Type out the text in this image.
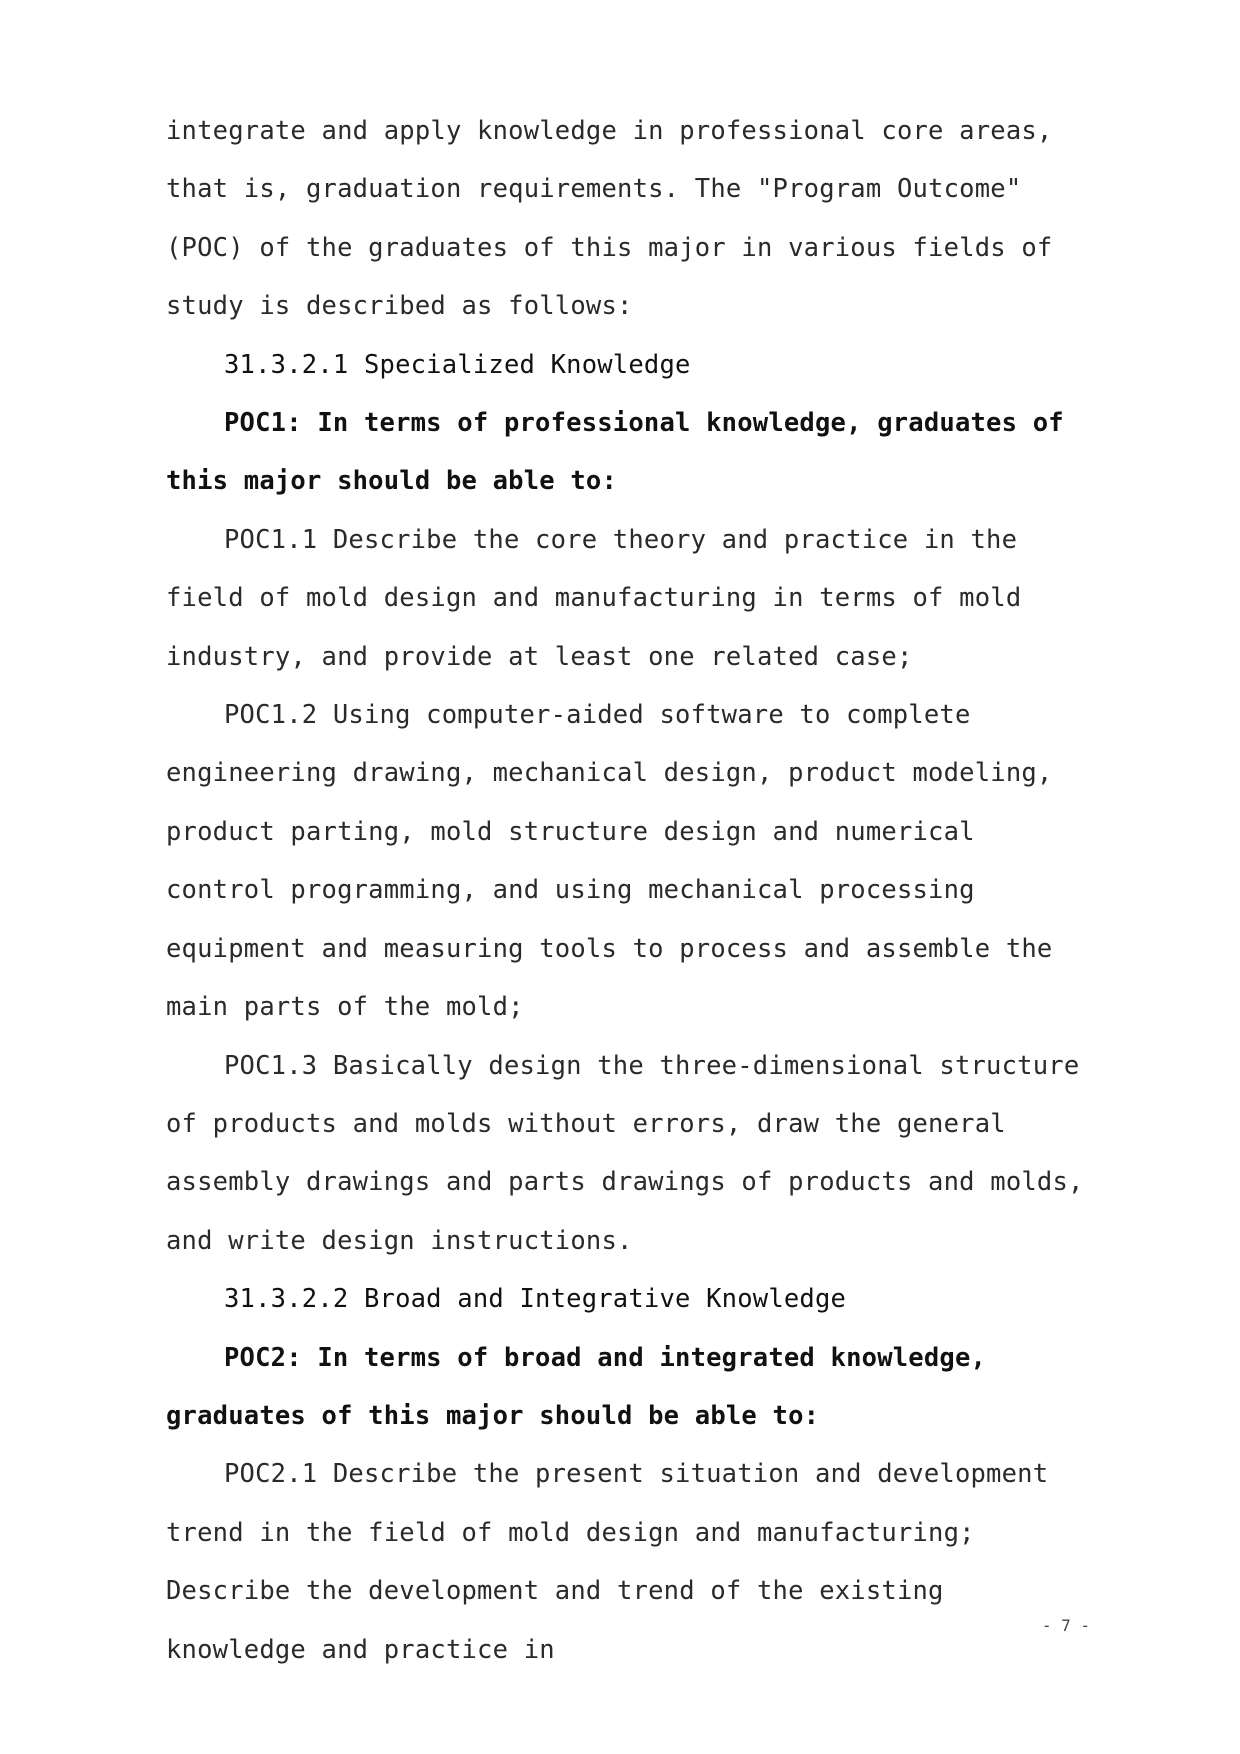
integrate and apply knowledge in professional core areas, that is, graduation requirements. The "Program Outcome" (POC) of the graduates of this major in various fields of study is described as follows:

31.3.2.1 Specialized Knowledge

POC1: In terms of professional knowledge, graduates of this major should be able to:

POC1.1 Describe the core theory and practice in the field of mold design and manufacturing in terms of mold industry, and provide at least one related case;

POC1.2 Using computer-aided software to complete engineering drawing, mechanical design, product modeling, product parting, mold structure design and numerical control programming, and using mechanical processing equipment and measuring tools to process and assemble the main parts of the mold;

POC1.3 Basically design the three-dimensional structure of products and molds without errors, draw the general assembly drawings and parts drawings of products and molds, and write design instructions.

31.3.2.2 Broad and Integrative Knowledge

POC2: In terms of broad and integrated knowledge, graduates of this major should be able to:

POC2.1 Describe the present situation and development trend in the field of mold design and manufacturing; Describe the development and trend of the existing knowledge and practice in

- 7 -
